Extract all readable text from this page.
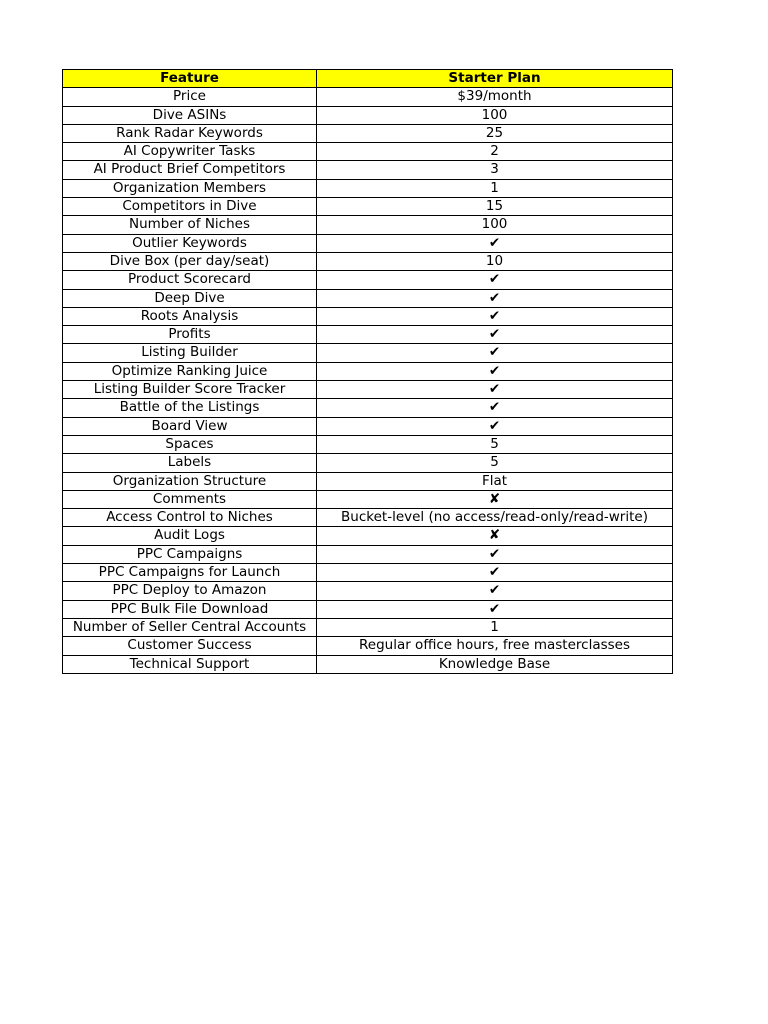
Feature	Starter Plan
Price	$39/month
Dive ASINs	100
Rank Radar Keywords	25
AI Copywriter Tasks	2
AI Product Brief Competitors	3
Organization Members	1
Competitors in Dive	15
Number of Niches	100
Outlier Keywords	✔
Dive Box (per day/seat)	10
Product Scorecard	✔
Deep Dive	✔
Roots Analysis	✔
Profits	✔
Listing Builder	✔
Optimize Ranking Juice	✔
Listing Builder Score Tracker	✔
Battle of the Listings	✔
Board View	✔
Spaces	5
Labels	5
Organization Structure	Flat
Comments	✘
Access Control to Niches	Bucket-level (no access/read-only/read-write)
Audit Logs	✘
PPC Campaigns	✔
PPC Campaigns for Launch	✔
PPC Deploy to Amazon	✔
PPC Bulk File Download	✔
Number of Seller Central Accounts	1
Customer Success	Regular office hours, free masterclasses
Technical Support	Knowledge Base
